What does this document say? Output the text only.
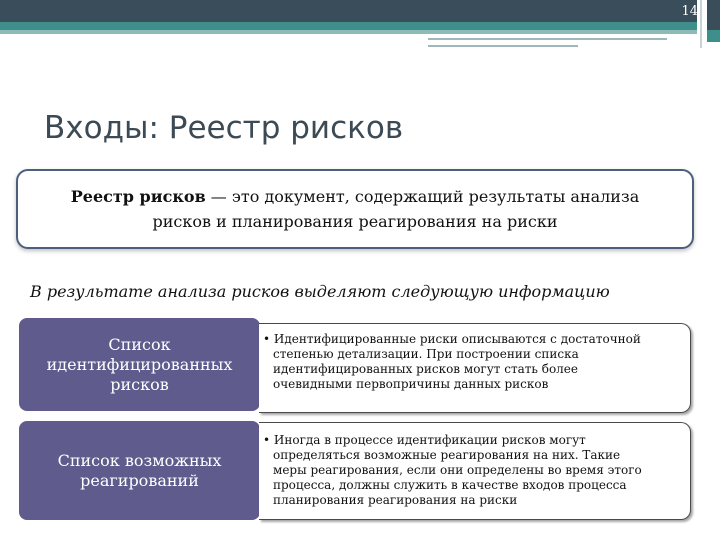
14
Входы: Реестр рисков
Реестр рисков — это документ, содержащий результаты анализа
рисков и планирования реагирования на риски
В результате анализа рисков выделяют следующую информацию
Список
идентифицированных
рисков
• Идентифицированные риски описываются с достаточной
степенью детализации. При построении списка
идентифицированных рисков могут стать более
очевидными первопричины данных рисков
Список возможных
реагирований
• Иногда в процессе идентификации рисков могут
определяться возможные реагирования на них. Такие
меры реагирования, если они определены во время этого
процесса, должны служить в качестве входов процесса
планирования реагирования на риски
